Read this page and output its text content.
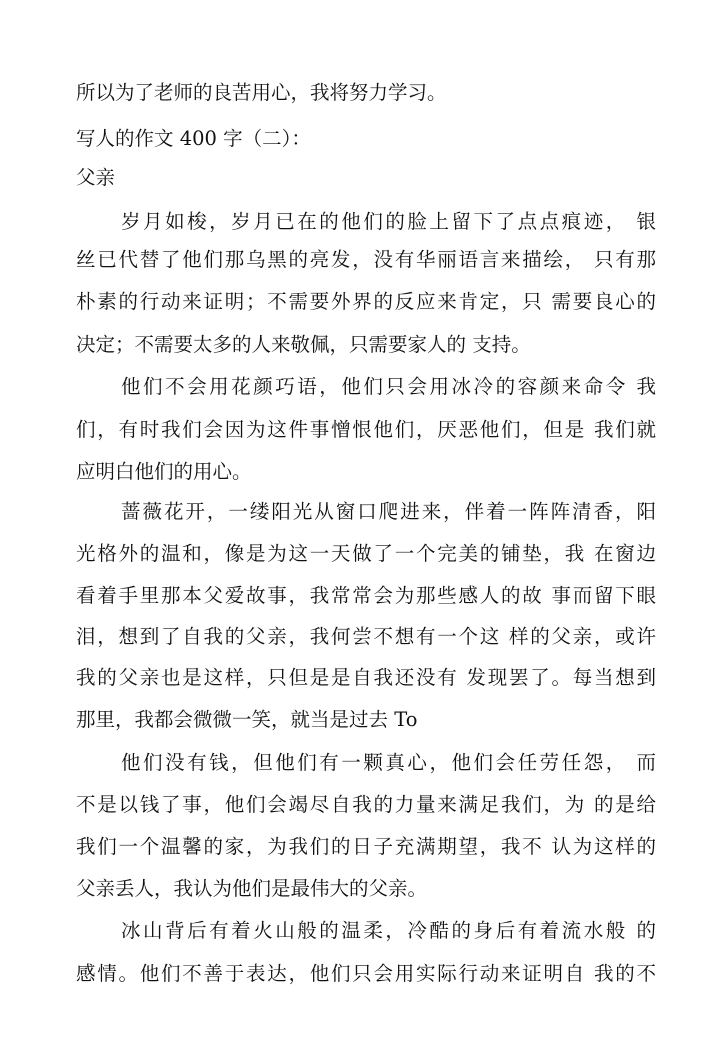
所以为了老师的良苦用心，我将努力学习。
写人的作文 400 字（二）：
父亲
岁月如梭，岁月已在的他们的脸上留下了点点痕迹， 银
丝已代替了他们那乌黑的亮发，没有华丽语言来描绘， 只有那
朴素的行动来证明；不需要外界的反应来肯定，只 需要良心的
决定；不需要太多的人来敬佩，只需要家人的 支持。
他们不会用花颜巧语，他们只会用冰冷的容颜来命令 我
们，有时我们会因为这件事憎恨他们，厌恶他们，但是 我们就
应明白他们的用心。
蔷薇花开，一缕阳光从窗口爬进来，伴着一阵阵清香，阳
光格外的温和，像是为这一天做了一个完美的铺垫，我 在窗边
看着手里那本父爱故事，我常常会为那些感人的故 事而留下眼
泪，想到了自我的父亲，我何尝不想有一个这 样的父亲，或许
我的父亲也是这样，只但是是自我还没有 发现罢了。每当想到
那里，我都会微微一笑，就当是过去 To
他们没有钱，但他们有一颗真心，他们会任劳任怨， 而
不是以钱了事，他们会竭尽自我的力量来满足我们，为 的是给
我们一个温馨的家，为我们的日子充满期望，我不 认为这样的
父亲丢人，我认为他们是最伟大的父亲。
冰山背后有着火山般的温柔，冷酷的身后有着流水般 的
感情。他们不善于表达，他们只会用实际行动来证明自 我的不
